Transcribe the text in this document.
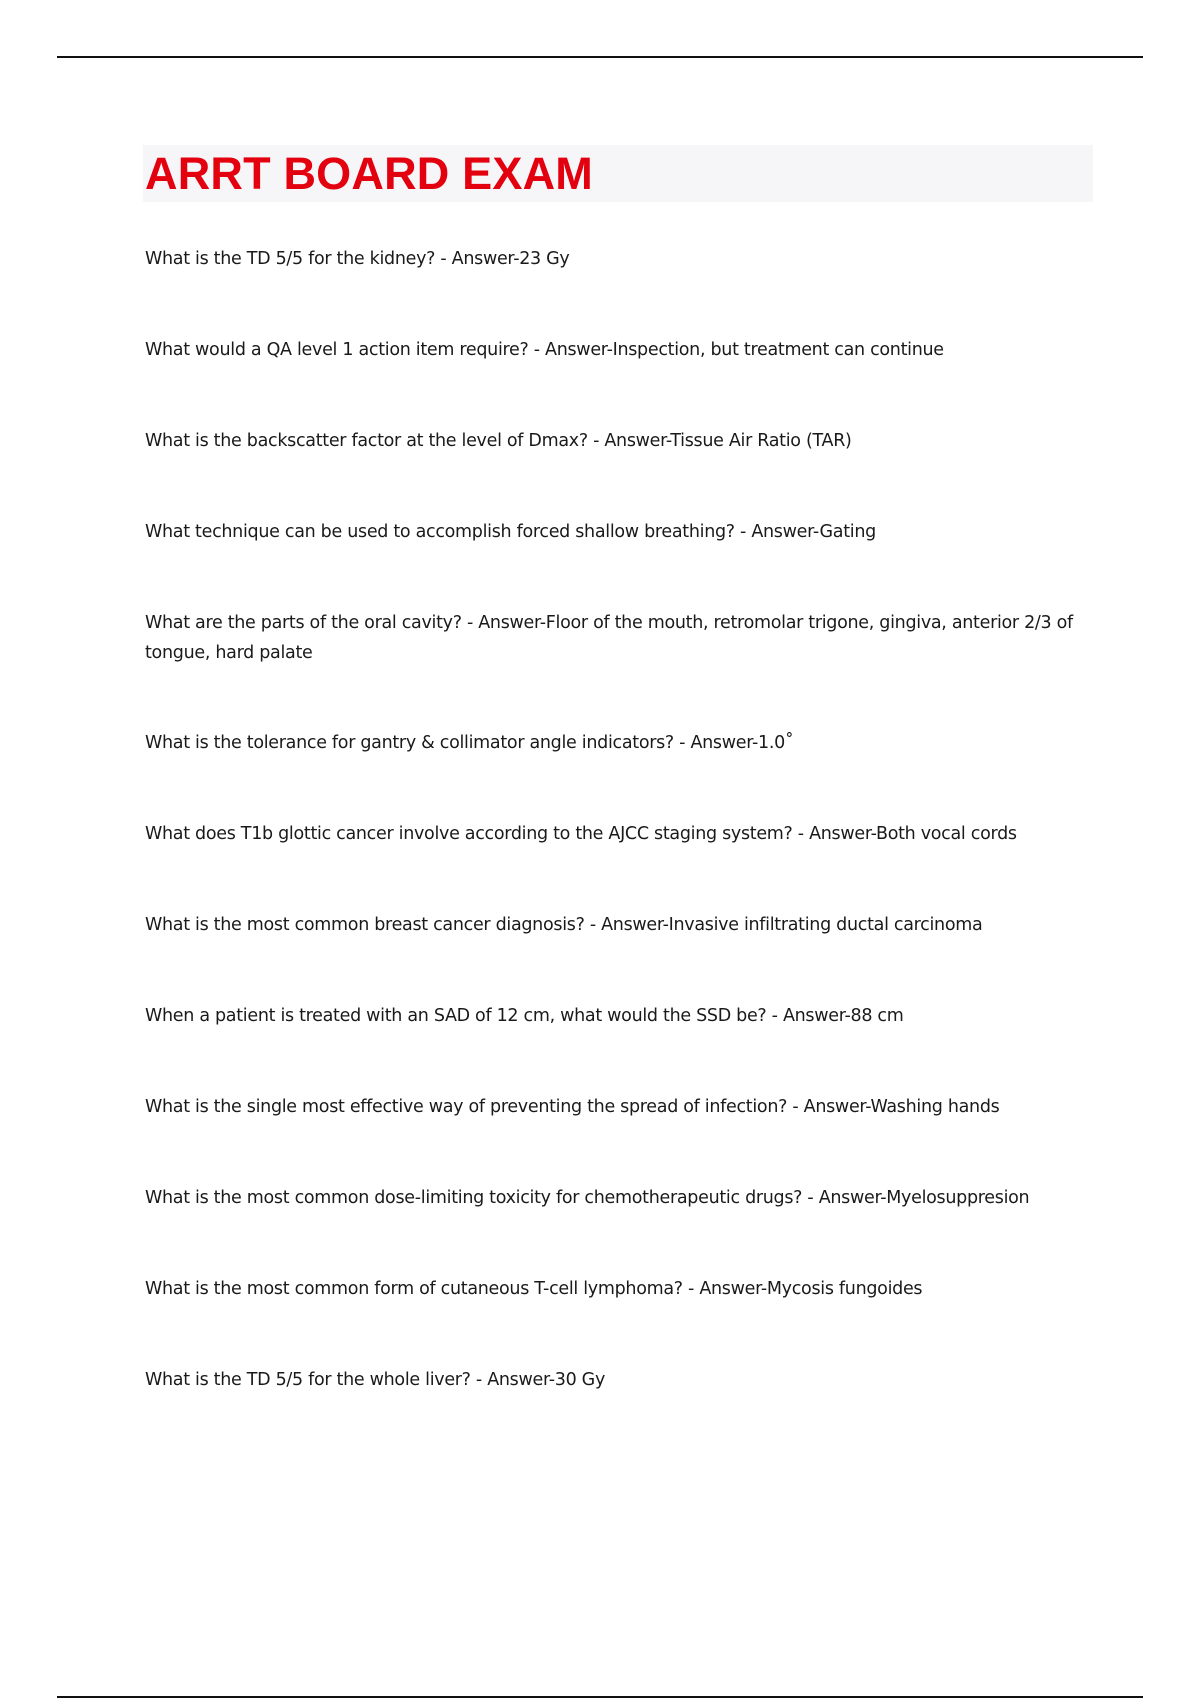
ARRT BOARD EXAM
What is the TD 5/5 for the kidney? - Answer-23 Gy
What would a QA level 1 action item require? - Answer-Inspection, but treatment can continue
What is the backscatter factor at the level of Dmax? - Answer-Tissue Air Ratio (TAR)
What technique can be used to accomplish forced shallow breathing? - Answer-Gating
What are the parts of the oral cavity? - Answer-Floor of the mouth, retromolar trigone, gingiva, anterior 2/3 of tongue, hard palate
What is the tolerance for gantry & collimator angle indicators? - Answer-1.0˚
What does T1b glottic cancer involve according to the AJCC staging system? - Answer-Both vocal cords
What is the most common breast cancer diagnosis? - Answer-Invasive infiltrating ductal carcinoma
When a patient is treated with an SAD of 12 cm, what would the SSD be? - Answer-88 cm
What is the single most effective way of preventing the spread of infection? - Answer-Washing hands
What is the most common dose-limiting toxicity for chemotherapeutic drugs? - Answer-Myelosuppresion
What is the most common form of cutaneous T-cell lymphoma? - Answer-Mycosis fungoides
What is the TD 5/5 for the whole liver? - Answer-30 Gy
